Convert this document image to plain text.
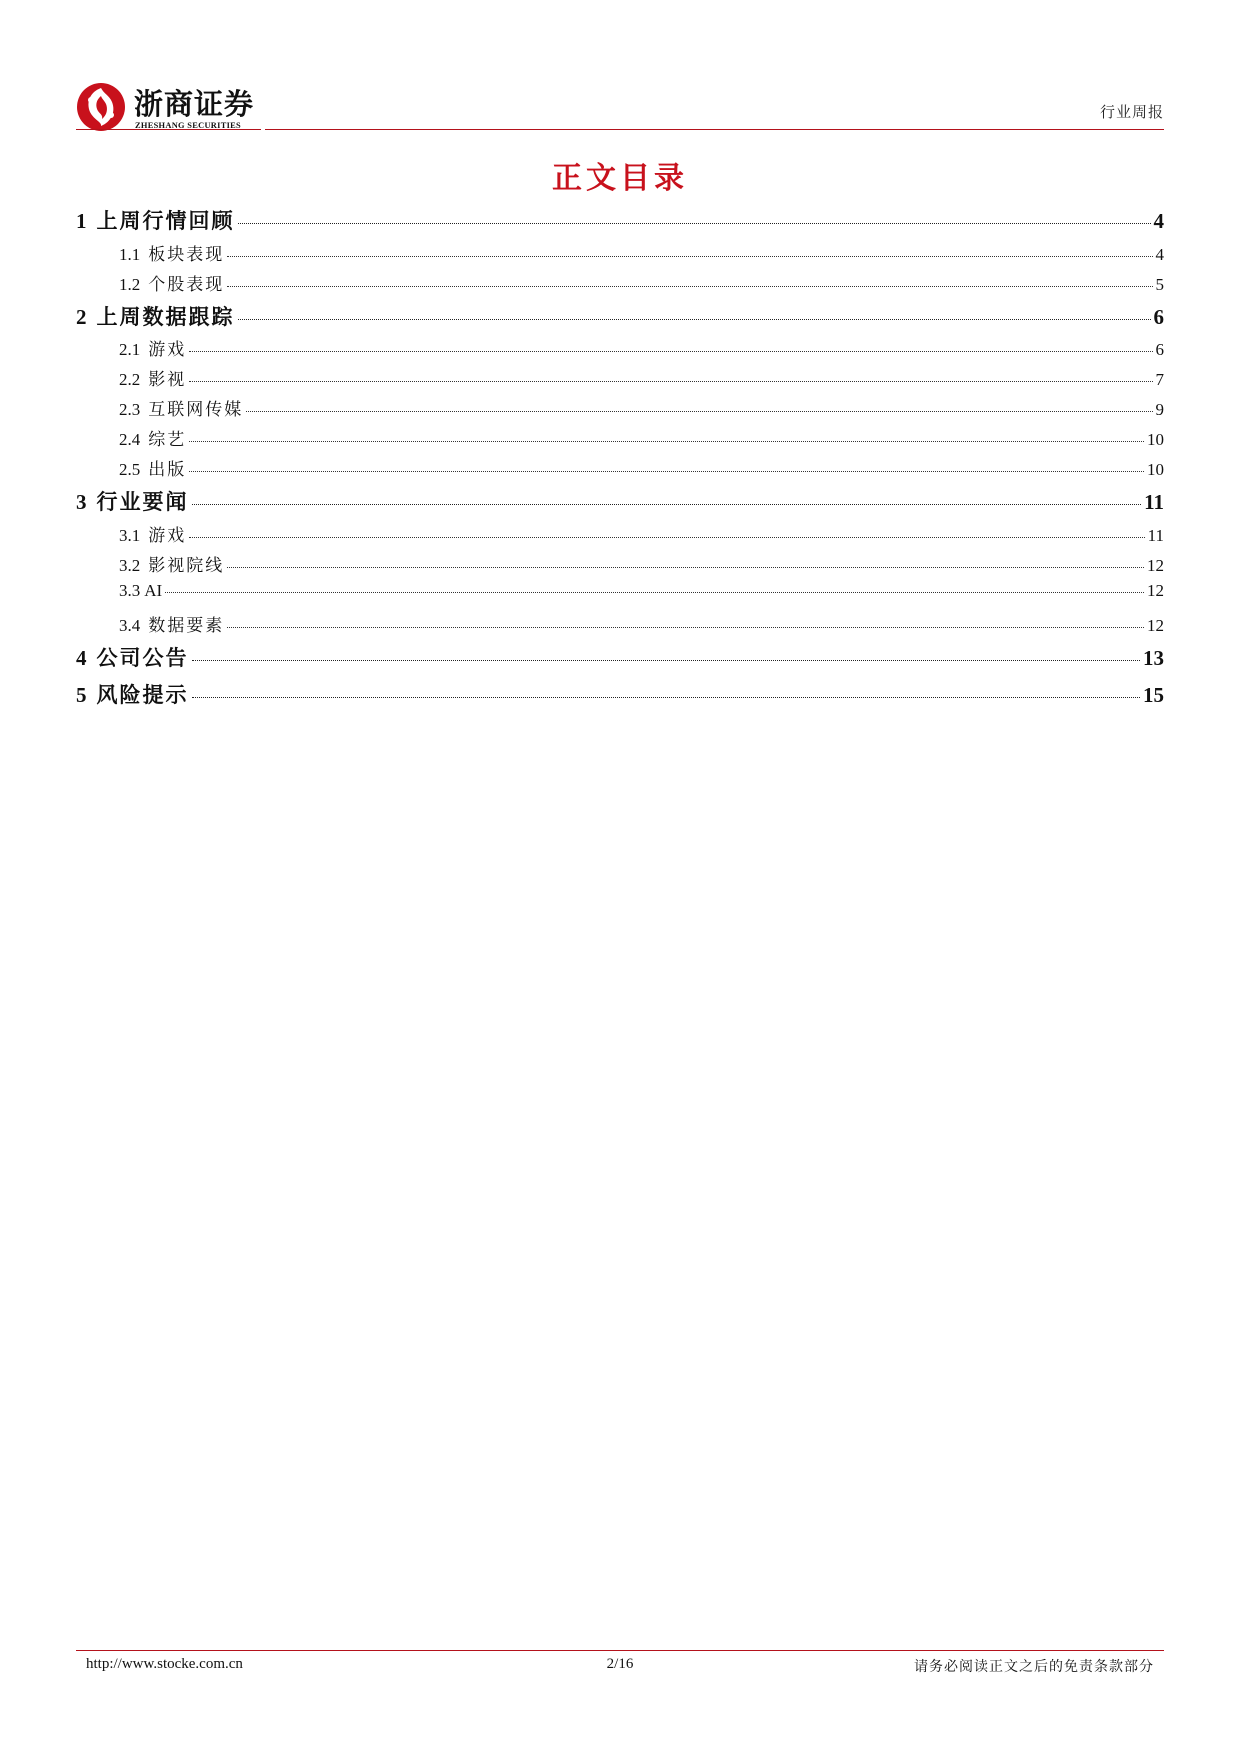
浙商证券
ZHESHANG SECURITIES
行业周报
正文目录
1 上周行情回顾	4
1.1 板块表现	4
1.2 个股表现	5
2 上周数据跟踪	6
2.1 游戏	6
2.2 影视	7
2.3 互联网传媒	9
2.4 综艺	10
2.5 出版	10
3 行业要闻	11
3.1 游戏	11
3.2 影视院线	12
3.3 AI	12
3.4 数据要素	12
4 公司公告	13
5 风险提示	15
http://www.stocke.com.cn	2/16	请务必阅读正文之后的免责条款部分
